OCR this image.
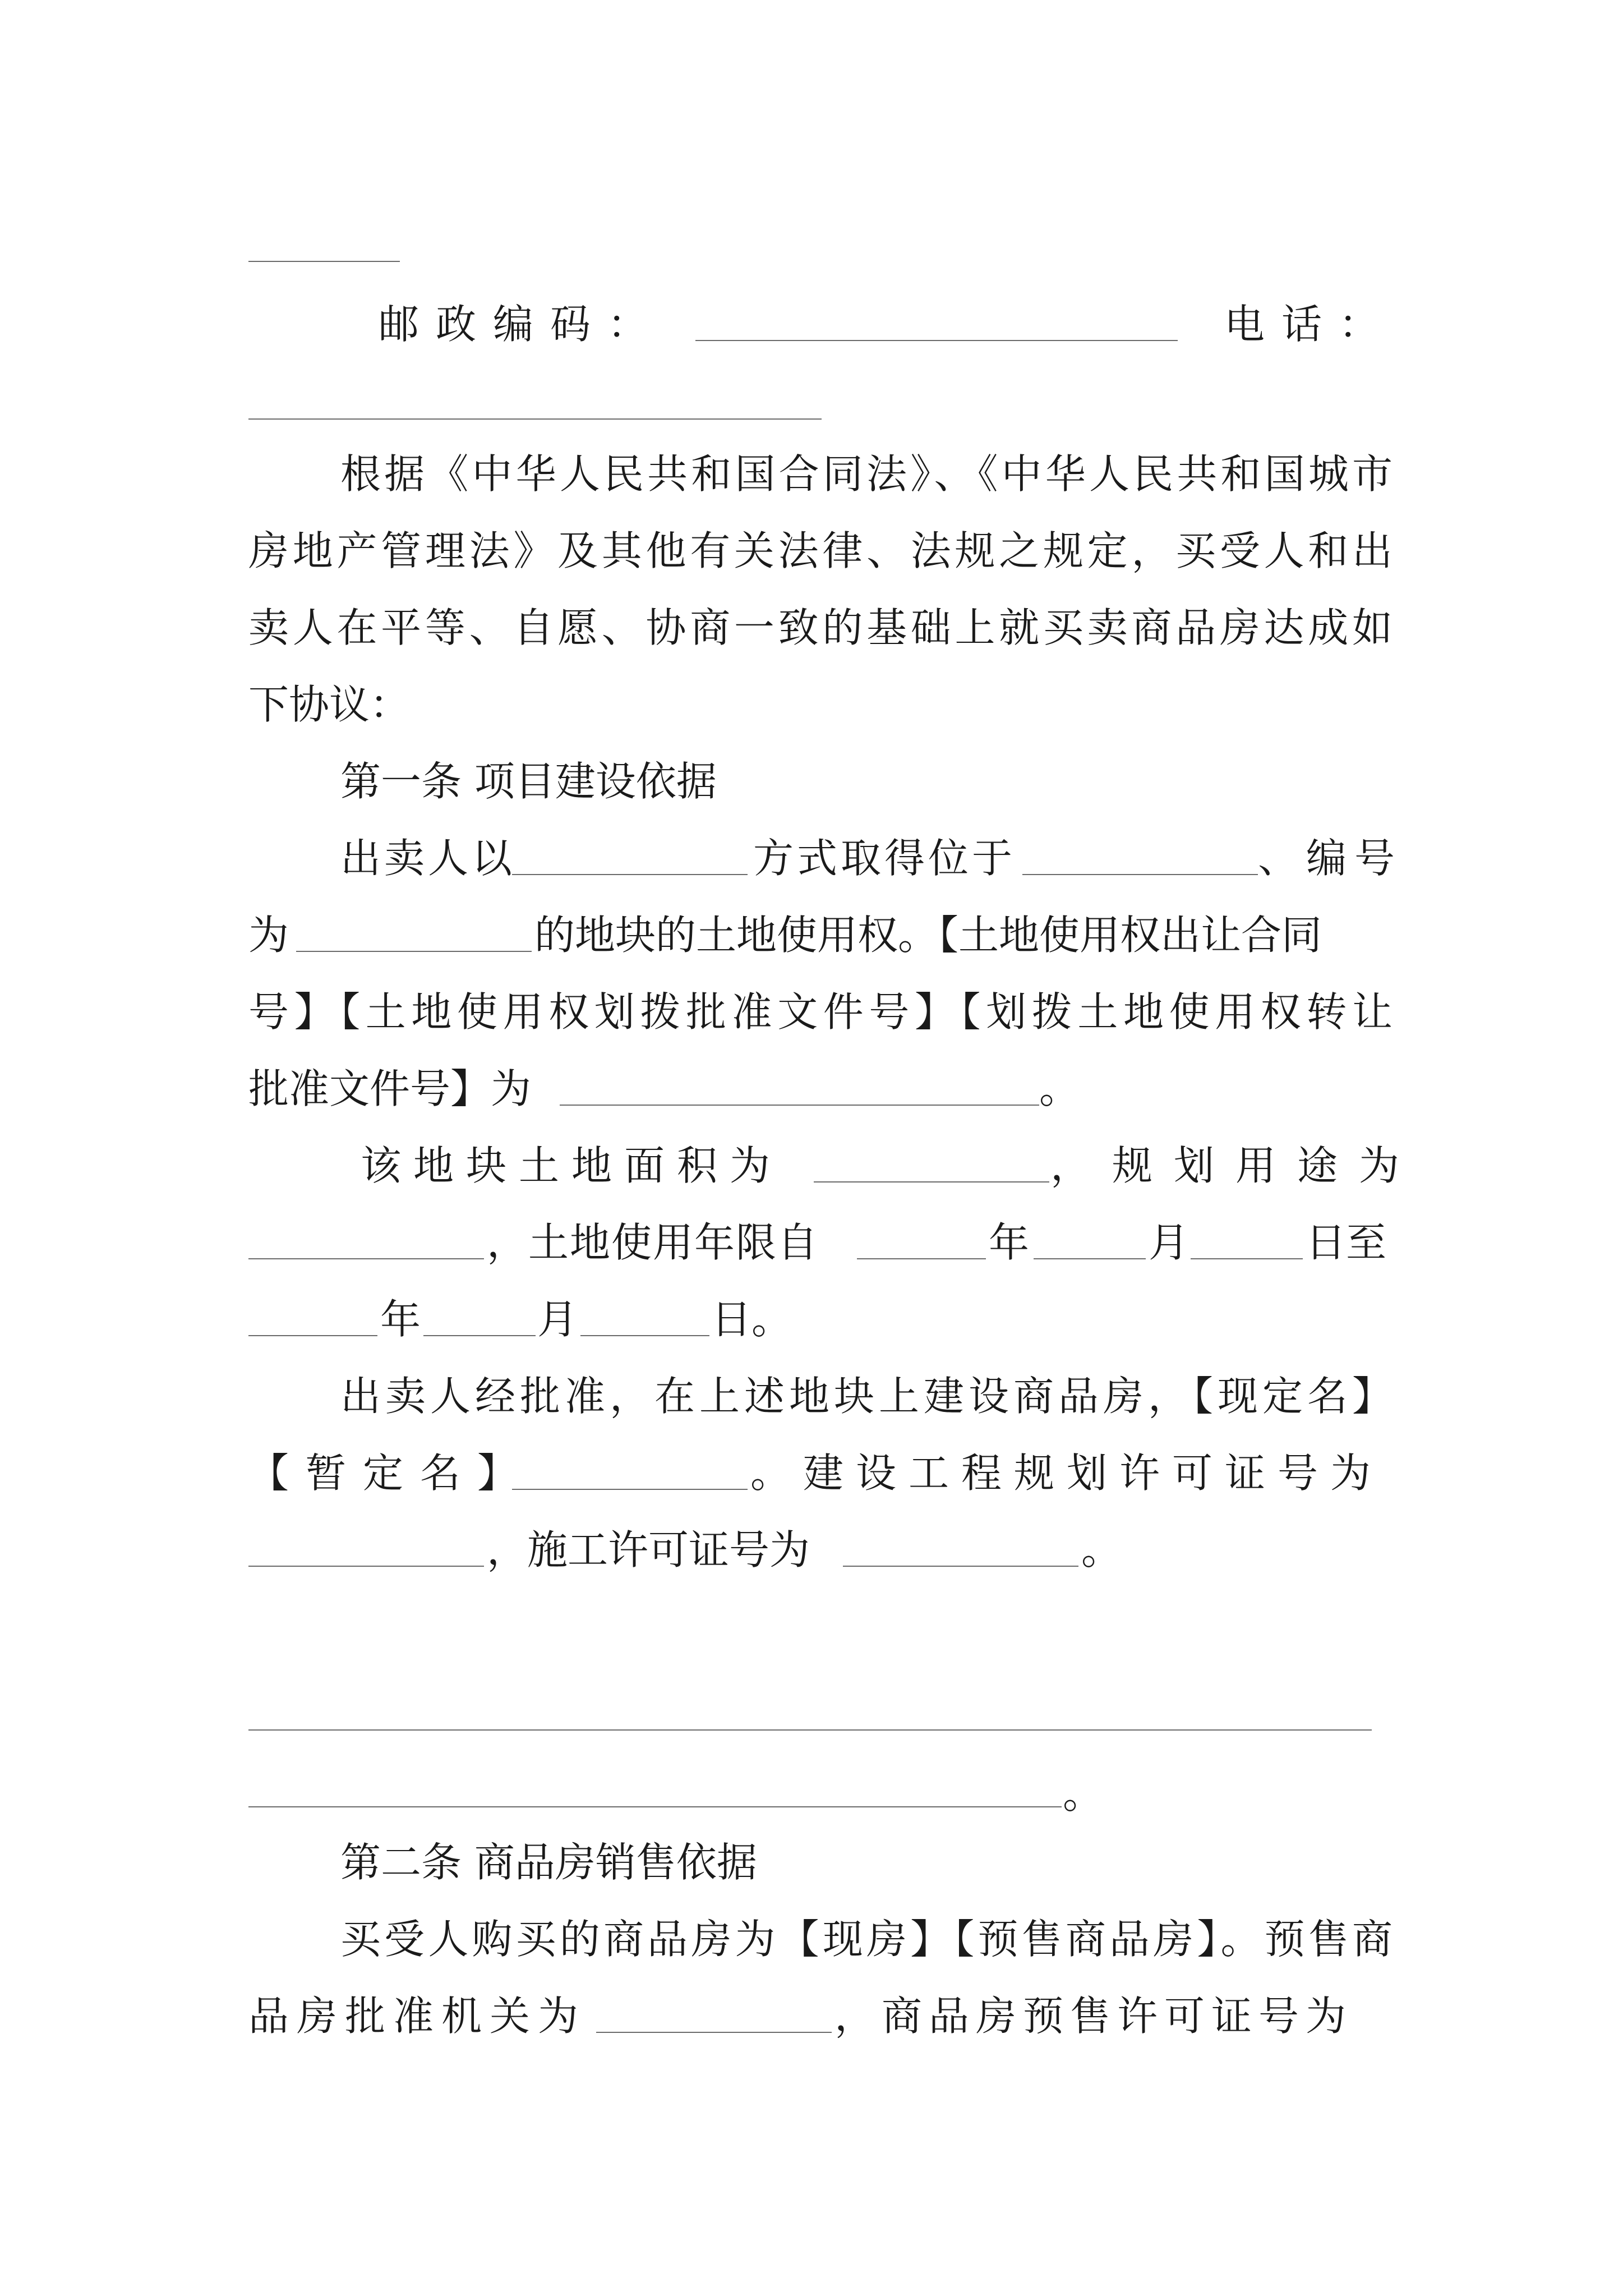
邮政编码：	电话：
根据《中华人民共和国合同法》、《中华人民共和国城市
房地产管理法》及其他有关法律、法规之规定，买受人和出
卖人在平等、自愿、协商一致的基础上就买卖商品房达成如
下协议：
第一条 项目建设依据
出卖人以	方式取得位于	、编号
为	的地块的土地使用权。【土地使用权出让合同
号】【土地使用权划拨批准文件号】【划拨土地使用权转让
批准文件号】为	。
该地块土地面积为	，规划用途为
，土地使用年限自	年	月	日至
年	月	日。
出卖人经批准，在上述地块上建设商品房，【现定名】
【暂定名】	。建设工程规划许可证号为
，施工许可证号为	。
。
第二条 商品房销售依据
买受人购买的商品房为【现房】【预售商品房】。预售商
品房批准机关为	，商品房预售许可证号为
